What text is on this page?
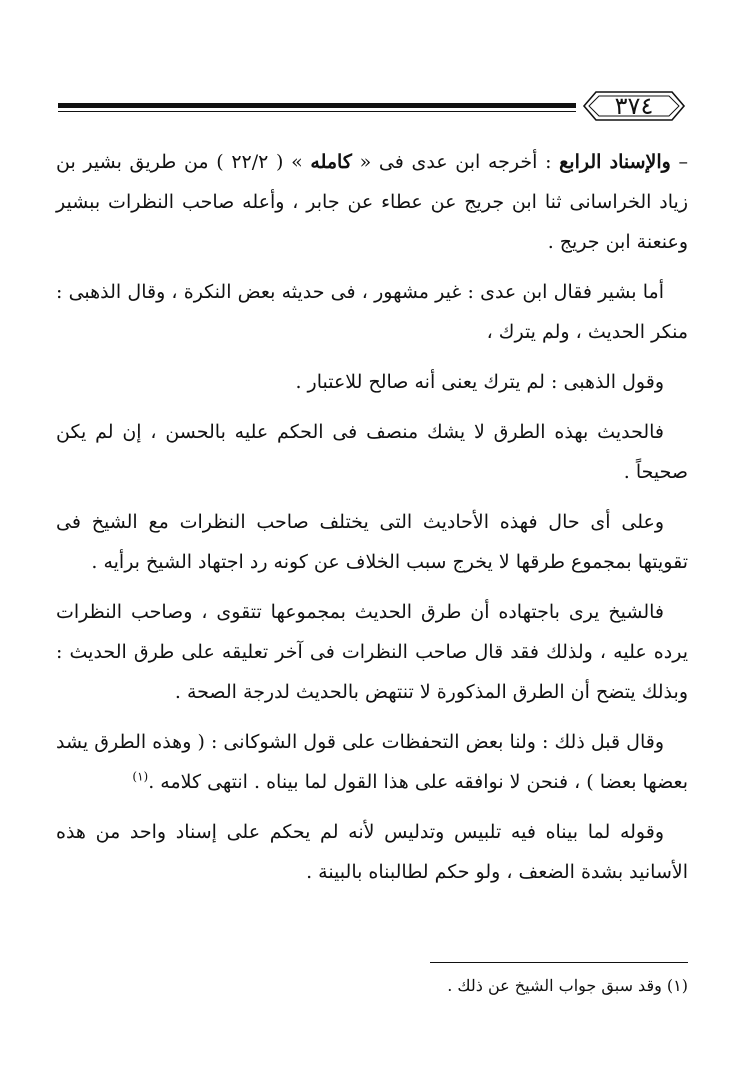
٣٧٤

– والإسناد الرابع : أخرجه ابن عدى فى « كامله » ( ٢٢/٢ ) من طريق بشير بن زياد الخراسانى ثنا ابن جريج عن عطاء عن جابر ، وأعله صاحب النظرات ببشير وعنعنة ابن جريج .

أما بشير فقال ابن عدى : غير مشهور ، فى حديثه بعض النكرة ، وقال الذهبى : منكر الحديث ، ولم يترك ،

وقول الذهبى : لم يترك يعنى أنه صالح للاعتبار .

فالحديث بهذه الطرق لا يشك منصف فى الحكم عليه بالحسن ، إن لم يكن صحيحاً .

وعلى أى حال فهذه الأحاديث التى يختلف صاحب النظرات مع الشيخ فى تقويتها بمجموع طرقها لا يخرج سبب الخلاف عن كونه رد اجتهاد الشيخ برأيه .

فالشيخ يرى باجتهاده أن طرق الحديث بمجموعها تتقوى ، وصاحب النظرات يرده عليه ، ولذلك فقد قال صاحب النظرات فى آخر تعليقه على طرق الحديث : وبذلك يتضح أن الطرق المذكورة لا تنتهض بالحديث لدرجة الصحة .

وقال قبل ذلك : ولنا بعض التحفظات على قول الشوكانى : ( وهذه الطرق يشد بعضها بعضا ) ، فنحن لا نوافقه على هذا القول لما بيناه . انتهى كلامه .$^{(١)}$

وقوله لما بيناه فيه تلبيس وتدليس لأنه لم يحكم على إسناد واحد من هذه الأسانيد بشدة الضعف ، ولو حكم لطالبناه بالبينة .

(١) وقد سبق جواب الشيخ عن ذلك .
